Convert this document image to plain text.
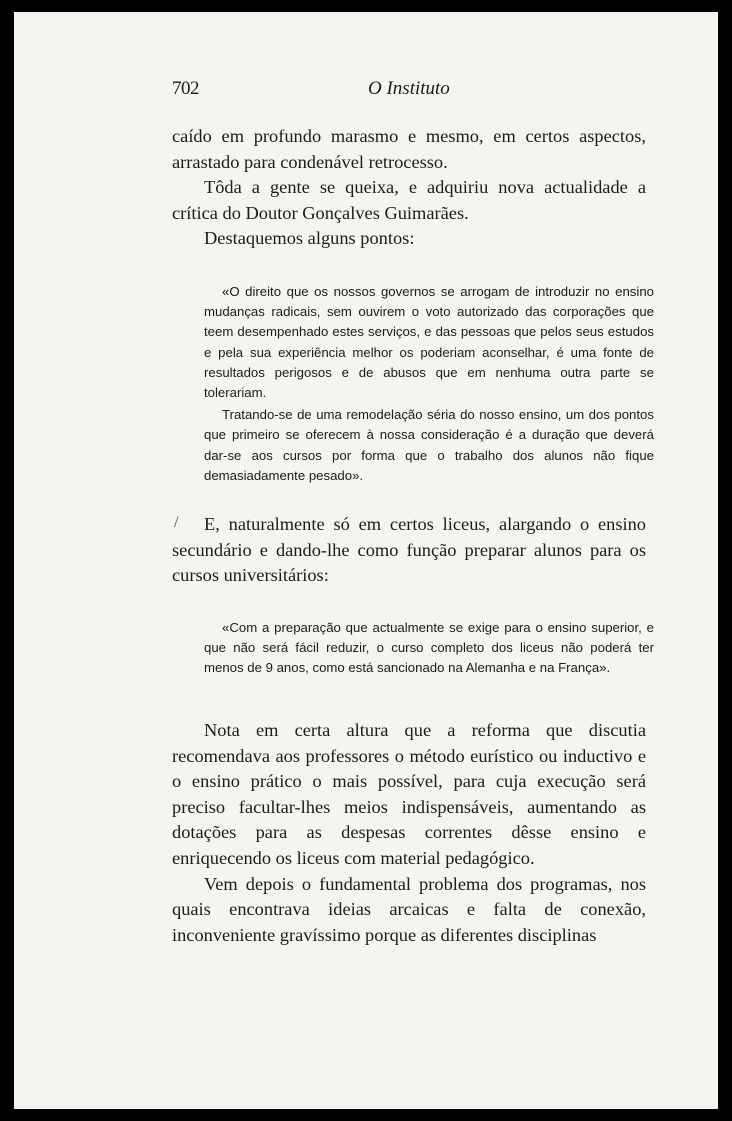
702	O Instituto

caído em profundo marasmo e mesmo, em certos aspectos, arrastado para condenável retrocesso.

Tôda a gente se queixa, e adquiriu nova actualidade a crítica do Doutor Gonçalves Guimarães.

Destaquemos alguns pontos:

«O direito que os nossos governos se arrogam de introduzir no ensino mudanças radicais, sem ouvirem o voto autorizado das corporações que teem desempenhado estes serviços, e das pessoas que pelos seus estudos e pela sua experiência melhor os poderiam aconselhar, é uma fonte de resultados perigosos e de abusos que em nenhuma outra parte se tolerariam.

Tratando-se de uma remodelação séria do nosso ensino, um dos pontos que primeiro se oferecem à nossa consideração é a duração que deverá dar-se aos cursos por forma que o trabalho dos alunos não fique demasiadamente pesado».

/	E, naturalmente só em certos liceus, alargando o ensino secundário e dando-lhe como função preparar alunos para os cursos universitários:

«Com a preparação que actualmente se exige para o ensino superior, e que não será fácil reduzir, o curso completo dos liceus não poderá ter menos de 9 anos, como está sancionado na Alemanha e na França».

Nota em certa altura que a reforma que discutia recomendava aos professores o método eurístico ou inductivo e o ensino prático o mais possível, para cuja execução será preciso facultar-lhes meios indispensáveis, aumentando as dotações para as despesas correntes dêsse ensino e enriquecendo os liceus com material pedagógico.

Vem depois o fundamental problema dos programas, nos quais encontrava ideias arcaicas e falta de conexão, inconveniente gravíssimo porque as diferentes disciplinas
